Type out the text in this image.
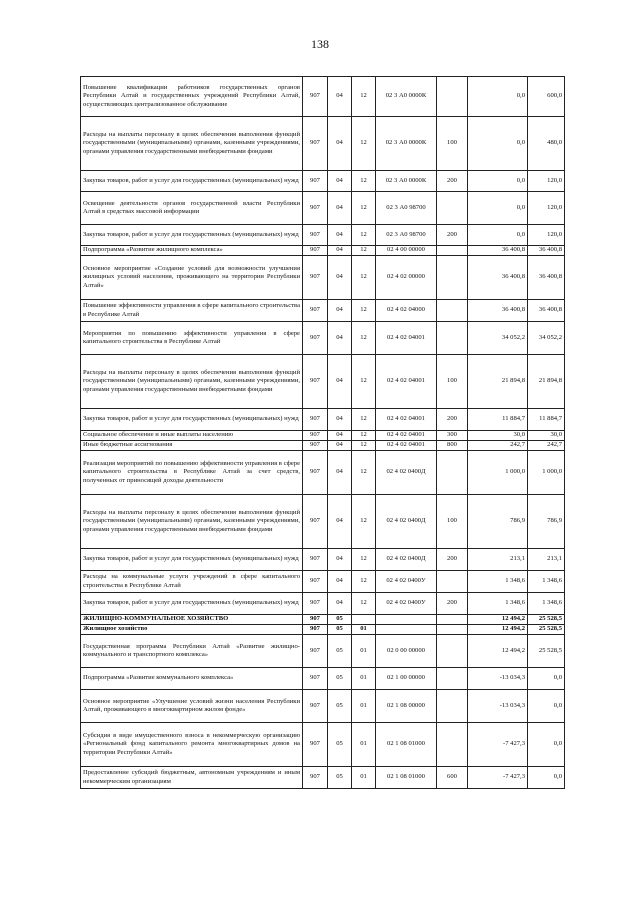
138
Повышение квалификации работников государственных органов Республики Алтай и государственных учреждений Республики Алтай, осуществляющих централизованное обслуживание	907	04	12	02 3 А0 0000К		0,0	600,0
Расходы на выплаты персоналу в целях обеспечения выполнения функций государственными (муниципальными) органами, казенными учреждениями, органами управления государственными внебюджетными фондами	907	04	12	02 3 А0 0000К	100	0,0	480,0
Закупка товаров, работ и услуг для государственных (муниципальных) нужд	907	04	12	02 3 А0 0000К	200	0,0	120,0
Освещение деятельности органов государственной власти Республики Алтай в средствах массовой информации	907	04	12	02 3 А0 98700		0,0	120,0
Закупка товаров, работ и услуг для государственных (муниципальных) нужд	907	04	12	02 3 А0 98700	200	0,0	120,0
Подпрограмма «Развитие жилищного комплекса»	907	04	12	02 4 00 00000		36 400,8	36 400,8
Основное мероприятие «Создание условий для возможности улучшения жилищных условий населения, проживающего на территории Республики Алтай»	907	04	12	02 4 02 00000		36 400,8	36 400,8
Повышение эффективности управления в сфере капитального строительства в Республике Алтай	907	04	12	02 4 02 04000		36 400,8	36 400,8
Мероприятия по повышению эффективности управления в сфере капитального строительства в Республике Алтай	907	04	12	02 4 02 04001		34 052,2	34 052,2
Расходы на выплаты персоналу в целях обеспечения выполнения функций государственными (муниципальными) органами, казенными учреждениями, органами управления государственными внебюджетными фондами	907	04	12	02 4 02 04001	100	21 894,8	21 894,8
Закупка товаров, работ и услуг для государственных (муниципальных) нужд	907	04	12	02 4 02 04001	200	11 884,7	11 884,7
Социальное обеспечение и иные выплаты населению	907	04	12	02 4 02 04001	300	30,0	30,0
Иные бюджетные ассигнования	907	04	12	02 4 02 04001	800	242,7	242,7
Реализация мероприятий по повышению эффективности управления в сфере капитального строительства в Республике Алтай за счет средств, полученных от приносящей доходы деятельности	907	04	12	02 4 02 0400Д		1 000,0	1 000,0
Расходы на выплаты персоналу в целях обеспечения выполнения функций государственными (муниципальными) органами, казенными учреждениями, органами управления государственными внебюджетными фондами	907	04	12	02 4 02 0400Д	100	786,9	786,9
Закупка товаров, работ и услуг для государственных (муниципальных) нужд	907	04	12	02 4 02 0400Д	200	213,1	213,1
Расходы на коммунальные услуги учреждений в сфере капитального строительства в Республике Алтай	907	04	12	02 4 02 0400У		1 348,6	1 348,6
Закупка товаров, работ и услуг для государственных (муниципальных) нужд	907	04	12	02 4 02 0400У	200	1 348,6	1 348,6
ЖИЛИЩНО-КОММУНАЛЬНОЕ ХОЗЯЙСТВО	907	05				12 494,2	25 528,5
Жилищное хозяйство	907	05	01			12 494,2	25 528,5
Государственная программа Республики Алтай «Развитие жилищно-коммунального и транспортного комплекса»	907	05	01	02 0 00 00000		12 494,2	25 528,5
Подпрограмма «Развитие коммунального комплекса»	907	05	01	02 1 00 00000		-13 034,3	0,0
Основное мероприятие «Улучшение условий жизни населения Республики Алтай, проживающего в многоквартирном жилом фонде»	907	05	01	02 1 08 00000		-13 034,3	0,0
Субсидия в виде имущественного взноса в некоммерческую организацию «Региональный фонд капитального ремонта многоквартирных домов на территории Республики Алтай»	907	05	01	02 1 08 01000		-7 427,3	0,0
Предоставление субсидий бюджетным, автономным учреждениям и иным некоммерческим организациям	907	05	01	02 1 08 01000	600	-7 427,3	0,0
